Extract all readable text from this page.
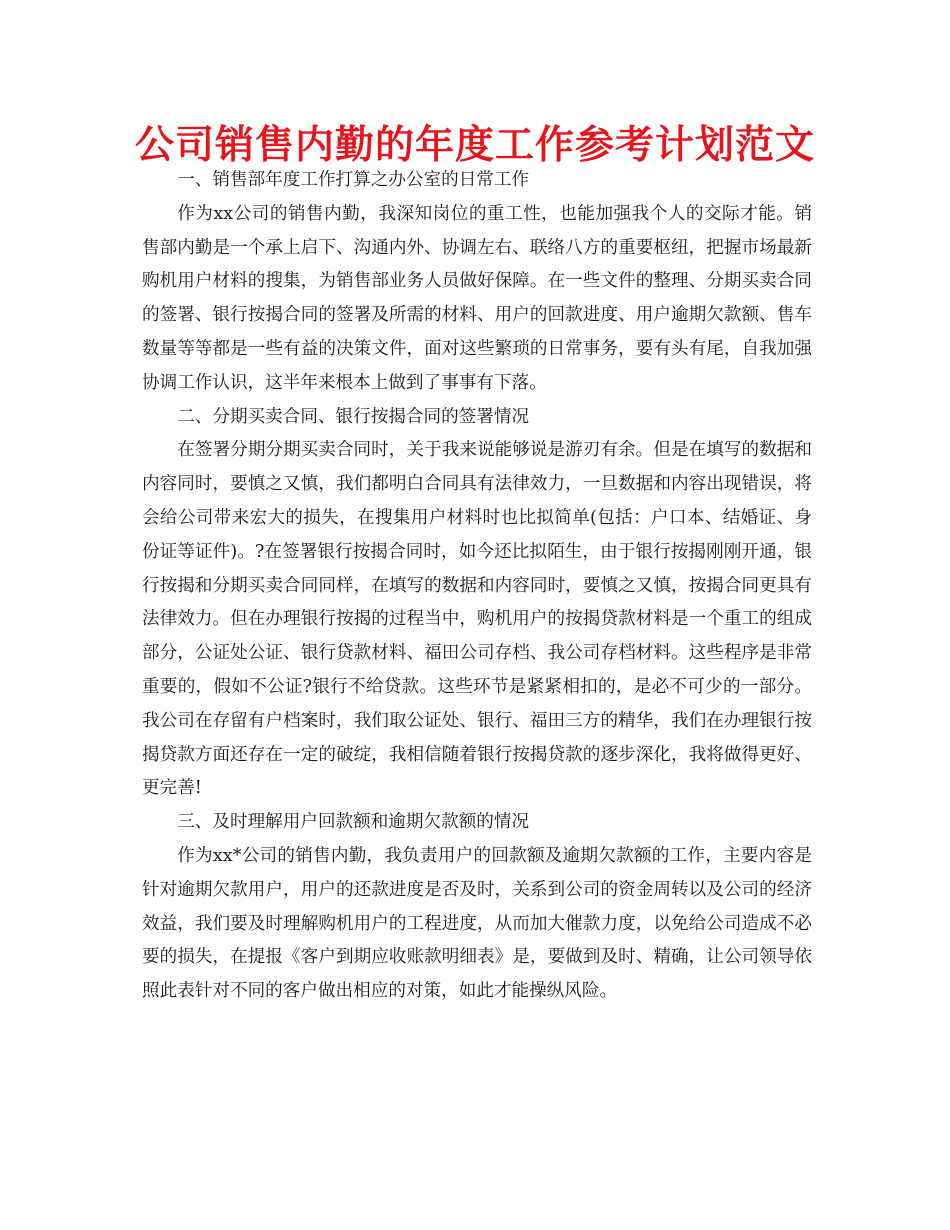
公司销售内勤的年度工作参考计划范文

一、销售部年度工作打算之办公室的日常工作

作为xx公司的销售内勤，我深知岗位的重工性，也能加强我个人的交际才能。销售部内勤是一个承上启下、沟通内外、协调左右、联络八方的重要枢纽，把握市场最新购机用户材料的搜集，为销售部业务人员做好保障。在一些文件的整理、分期买卖合同的签署、银行按揭合同的签署及所需的材料、用户的回款进度、用户逾期欠款额、售车数量等等都是一些有益的决策文件，面对这些繁琐的日常事务，要有头有尾，自我加强协调工作认识，这半年来根本上做到了事事有下落。

二、分期买卖合同、银行按揭合同的签署情况

在签署分期分期买卖合同时，关于我来说能够说是游刃有余。但是在填写的数据和内容同时，要慎之又慎，我们都明白合同具有法律效力，一旦数据和内容出现错误，将会给公司带来宏大的损失，在搜集用户材料时也比拟简单(包括：户口本、结婚证、身份证等证件)。?在签署银行按揭合同时，如今还比拟陌生，由于银行按揭刚刚开通，银行按揭和分期买卖合同同样，在填写的数据和内容同时，要慎之又慎，按揭合同更具有法律效力。但在办理银行按揭的过程当中，购机用户的按揭贷款材料是一个重工的组成部分，公证处公证、银行贷款材料、福田公司存档、我公司存档材料。这些程序是非常重要的，假如不公证?银行不给贷款。这些环节是紧紧相扣的，是必不可少的一部分。我公司在存留有户档案时，我们取公证处、银行、福田三方的精华，我们在办理银行按揭贷款方面还存在一定的破绽，我相信随着银行按揭贷款的逐步深化，我将做得更好、更完善!

三、及时理解用户回款额和逾期欠款额的情况

作为xx*公司的销售内勤，我负责用户的回款额及逾期欠款额的工作，主要内容是针对逾期欠款用户，用户的还款进度是否及时，关系到公司的资金周转以及公司的经济效益，我们要及时理解购机用户的工程进度，从而加大催款力度，以免给公司造成不必要的损失，在提报《客户到期应收账款明细表》是，要做到及时、精确，让公司领导依照此表针对不同的客户做出相应的对策，如此才能操纵风险。
